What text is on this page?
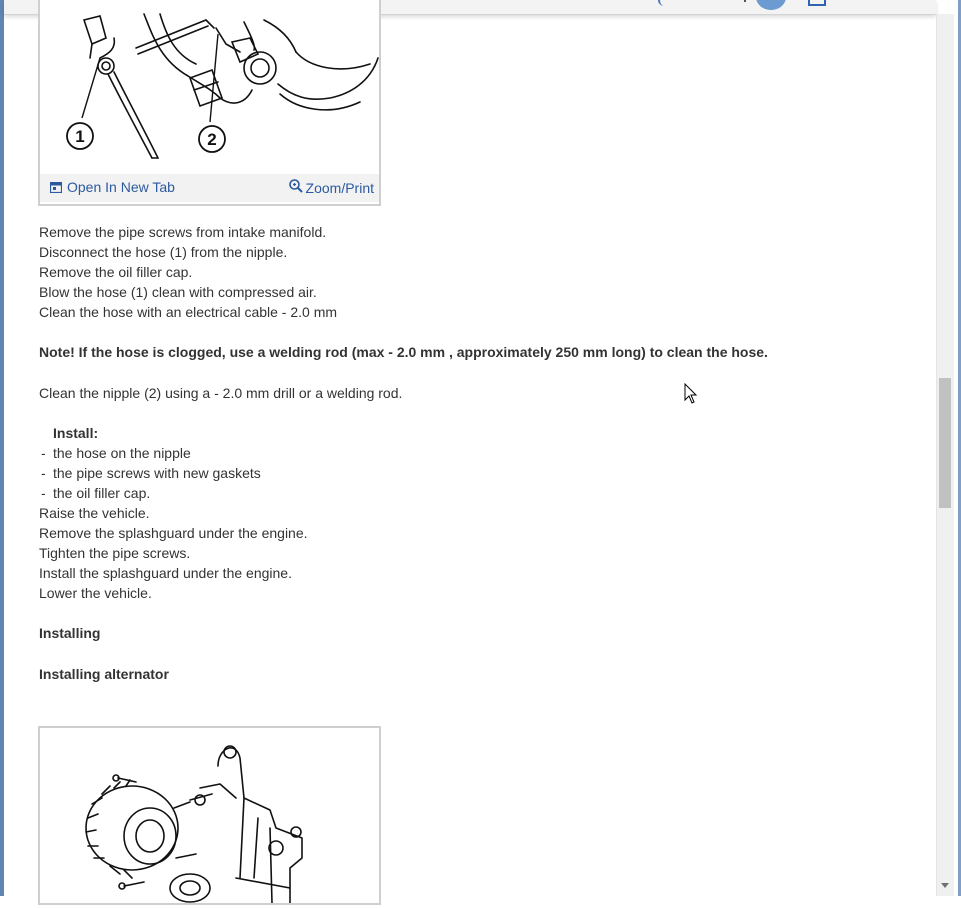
1	2
Open In New Tab	Zoom/Print

Remove the pipe screws from intake manifold.

Disconnect the hose (1) from the nipple.

Remove the oil filler cap.

Blow the hose (1) clean with compressed air.

Clean the hose with an electrical cable - 2.0 mm

Note! If the hose is clogged, use a welding rod (max - 2.0 mm , approximately 250 mm long) to clean the hose.

Clean the nipple (2) using a - 2.0 mm drill or a welding rod.

Install:

- the hose on the nipple

- the pipe screws with new gaskets

- the oil filler cap.

Raise the vehicle.

Remove the splashguard under the engine.

Tighten the pipe screws.

Install the splashguard under the engine.

Lower the vehicle.

Installing

Installing alternator
